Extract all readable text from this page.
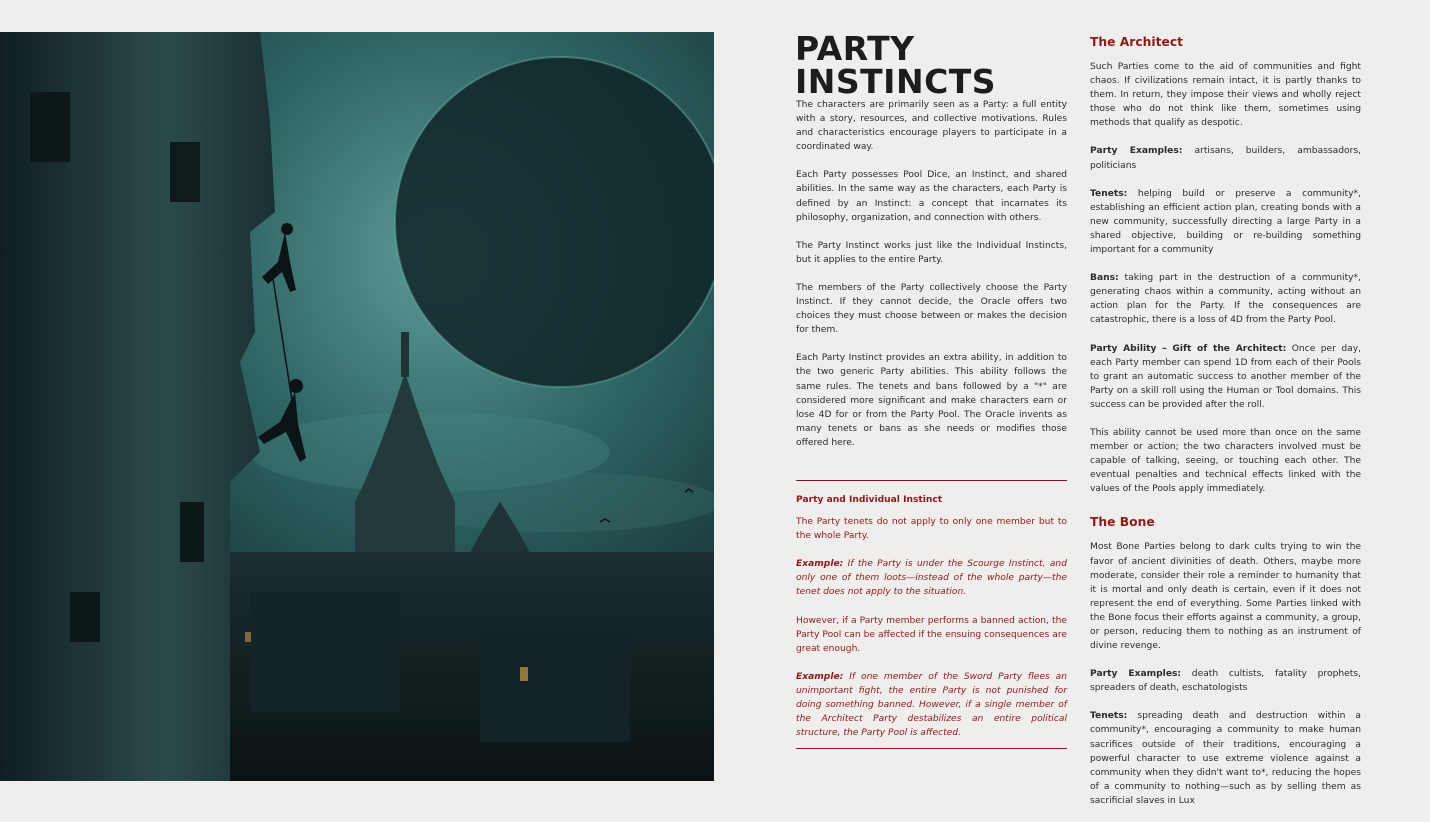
PARTY
INSTINCTS

The characters are primarily seen as a Party: a full entity with a story, resources, and collective motivations. Rules and characteristics encourage players to participate in a coordinated way.

Each Party possesses Pool Dice, an Instinct, and shared abilities. In the same way as the characters, each Party is defined by an Instinct: a concept that incarnates its philosophy, organization, and connection with others.

The Party Instinct works just like the Individual Instincts, but it applies to the entire Party.

The members of the Party collectively choose the Party Instinct. If they cannot decide, the Oracle offers two choices they must choose between or makes the decision for them.

Each Party Instinct provides an extra ability, in addition to the two generic Party abilities. This ability follows the same rules. The tenets and bans followed by a "*" are considered more significant and make characters earn or lose 4D for or from the Party Pool. The Oracle invents as many tenets or bans as she needs or modifies those offered here.

Party and Individual Instinct

The Party tenets do not apply to only one member but to the whole Party.

Example: If the Party is under the Scourge Instinct, and only one of them loots—instead of the whole party—the tenet does not apply to the situation.

However, if a Party member performs a banned action, the Party Pool can be affected if the ensuing consequences are great enough.

Example: If one member of the Sword Party flees an unimportant fight, the entire Party is not punished for doing something banned. However, if a single member of the Architect Party destabilizes an entire political structure, the Party Pool is affected.

The Architect

Such Parties come to the aid of communities and fight chaos. If civilizations remain intact, it is partly thanks to them. In return, they impose their views and wholly reject those who do not think like them, sometimes using methods that qualify as despotic.

Party Examples: artisans, builders, ambassadors, politicians

Tenets: helping build or preserve a community*, establishing an efficient action plan, creating bonds with a new community, successfully directing a large Party in a shared objective, building or re-building something important for a community

Bans: taking part in the destruction of a community*, generating chaos within a community, acting without an action plan for the Party. If the consequences are catastrophic, there is a loss of 4D from the Party Pool.

Party Ability – Gift of the Architect: Once per day, each Party member can spend 1D from each of their Pools to grant an automatic success to another member of the Party on a skill roll using the Human or Tool domains. This success can be provided after the roll.

This ability cannot be used more than once on the same member or action; the two characters involved must be capable of talking, seeing, or touching each other. The eventual penalties and technical effects linked with the values of the Pools apply immediately.

The Bone

Most Bone Parties belong to dark cults trying to win the favor of ancient divinities of death. Others, maybe more moderate, consider their role a reminder to humanity that it is mortal and only death is certain, even if it does not represent the end of everything. Some Parties linked with the Bone focus their efforts against a community, a group, or person, reducing them to nothing as an instrument of divine revenge.

Party Examples: death cultists, fatality prophets, spreaders of death, eschatologists

Tenets: spreading death and destruction within a community*, encouraging a community to make human sacrifices outside of their traditions, encouraging a powerful character to use extreme violence against a community when they didn't want to*, reducing the hopes of a community to nothing—such as by selling them as sacrificial slaves in Lux
